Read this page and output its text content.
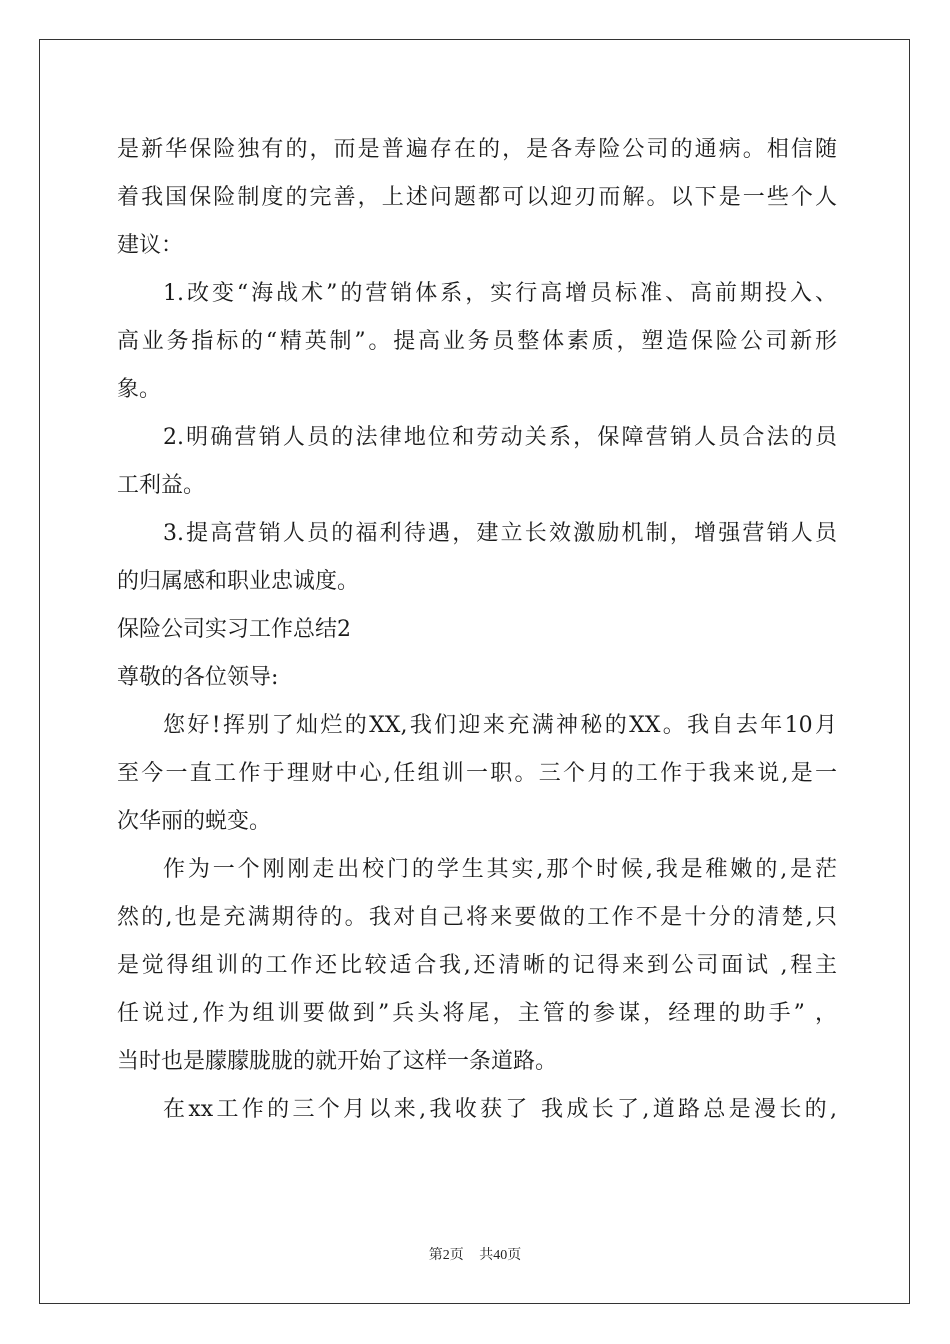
是新华保险独有的，而是普遍存在的，是各寿险公司的通病。相信随
着我国保险制度的完善，上述问题都可以迎刃而解。以下是一些个人
建议：
1.改变“海战术”的营销体系，实行高增员标准、高前期投入、
高业务指标的“精英制”。提高业务员整体素质，塑造保险公司新形
象。
2.明确营销人员的法律地位和劳动关系，保障营销人员合法的员
工利益。
3.提高营销人员的福利待遇，建立长效激励机制，增强营销人员
的归属感和职业忠诚度。
保险公司实习工作总结2
尊敬的各位领导:
您好!挥别了灿烂的XX,我们迎来充满神秘的XX。我自去年10月
至今一直工作于理财中心,任组训一职。三个月的工作于我来说,是一
次华丽的蜕变。
作为一个刚刚走出校门的学生其实,那个时候,我是稚嫩的,是茫
然的,也是充满期待的。我对自己将来要做的工作不是十分的清楚,只
是觉得组训的工作还比较适合我,还清晰的记得来到公司面试 ,程主
任说过,作为组训要做到”兵头将尾，主管的参谋，经理的助手” ，
当时也是朦朦胧胧的就开始了这样一条道路。
在xx工作的三个月以来,我收获了 我成长了,道路总是漫长的,
第2页 共40页
